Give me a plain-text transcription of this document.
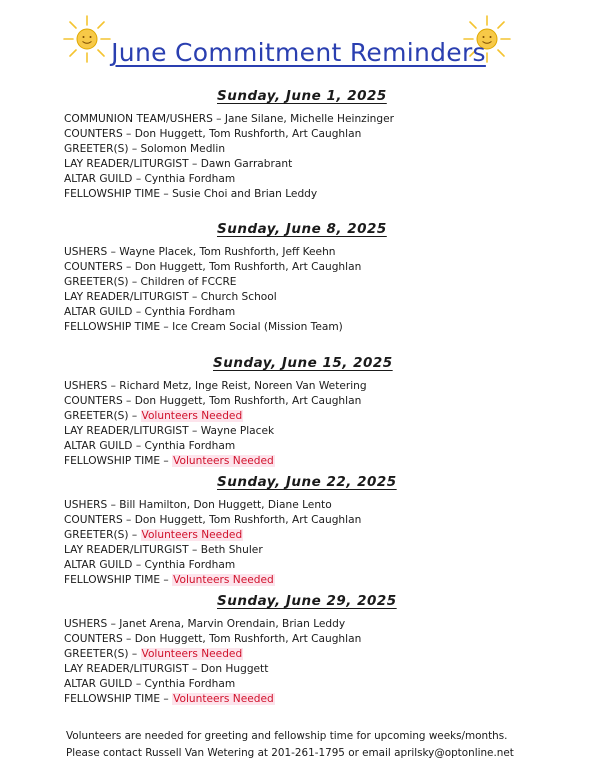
June Commitment Reminders
Sunday, June 1, 2025
COMMUNION TEAM/USHERS – Jane Silane, Michelle Heinzinger
COUNTERS – Don Huggett, Tom Rushforth, Art Caughlan
GREETER(S) – Solomon Medlin
LAY READER/LITURGIST – Dawn Garrabrant
ALTAR GUILD – Cynthia Fordham
FELLOWSHIP TIME – Susie Choi and Brian Leddy
Sunday, June 8, 2025
USHERS – Wayne Placek, Tom Rushforth, Jeff Keehn
COUNTERS – Don Huggett, Tom Rushforth, Art Caughlan
GREETER(S) – Children of FCCRE
LAY READER/LITURGIST – Church School
ALTAR GUILD – Cynthia Fordham
FELLOWSHIP TIME – Ice Cream Social (Mission Team)
Sunday, June 15, 2025
USHERS – Richard Metz, Inge Reist, Noreen Van Wetering
COUNTERS – Don Huggett, Tom Rushforth, Art Caughlan
GREETER(S) – Volunteers Needed
LAY READER/LITURGIST – Wayne Placek
ALTAR GUILD – Cynthia Fordham
FELLOWSHIP TIME – Volunteers Needed
Sunday, June 22, 2025
USHERS – Bill Hamilton, Don Huggett, Diane Lento
COUNTERS – Don Huggett, Tom Rushforth, Art Caughlan
GREETER(S) – Volunteers Needed
LAY READER/LITURGIST – Beth Shuler
ALTAR GUILD – Cynthia Fordham
FELLOWSHIP TIME – Volunteers Needed
Sunday, June 29, 2025
USHERS – Janet Arena, Marvin Orendain, Brian Leddy
COUNTERS – Don Huggett, Tom Rushforth, Art Caughlan
GREETER(S) – Volunteers Needed
LAY READER/LITURGIST – Don Huggett
ALTAR GUILD – Cynthia Fordham
FELLOWSHIP TIME – Volunteers Needed
Volunteers are needed for greeting and fellowship time for upcoming weeks/months.
Please contact Russell Van Wetering at 201-261-1795 or email aprilsky@optonline.net
